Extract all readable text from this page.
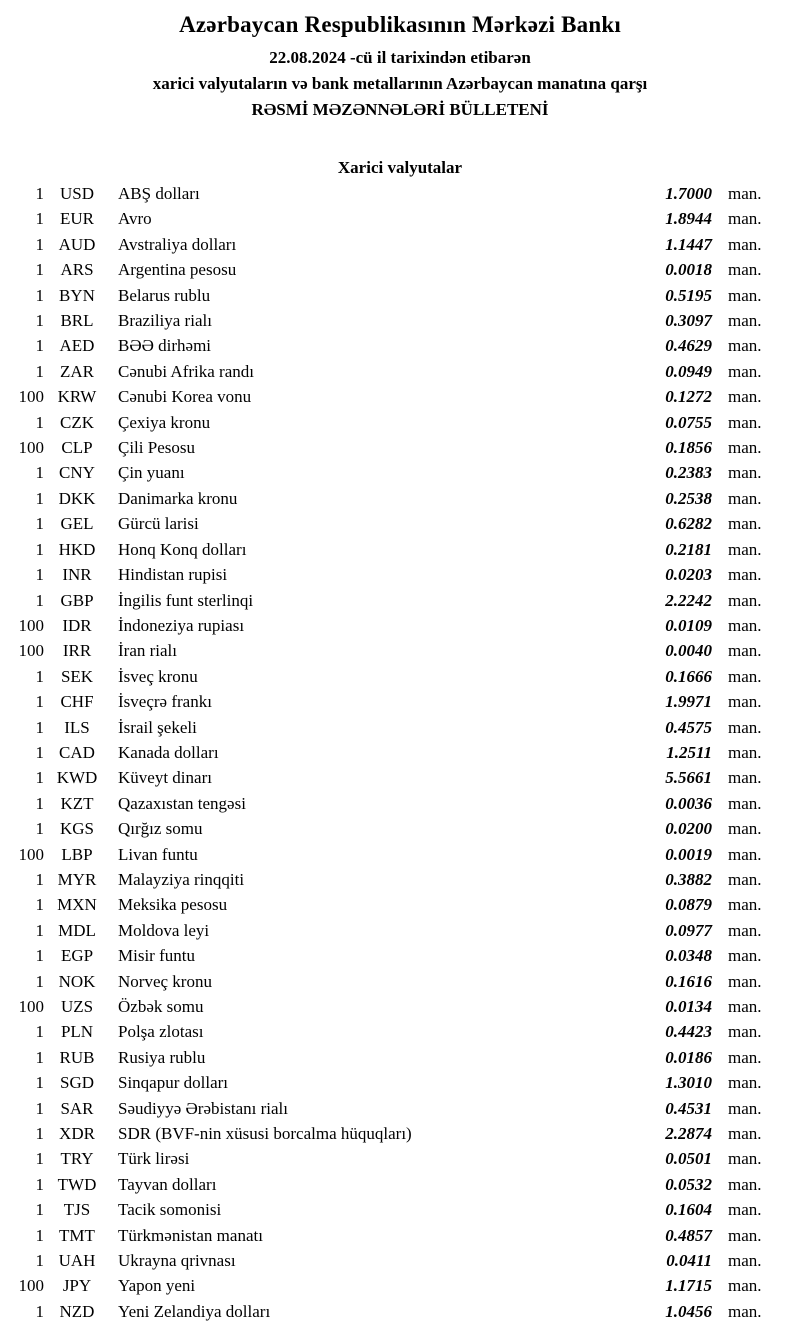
Azərbaycan Respublikasının Mərkəzi Bankı
22.08.2024 -cü il tarixindən etibarən
xarici valyutaların və bank metallarının Azərbaycan manatına qarşı
RƏSMİ MƏZƏNNƏLƏRİ BÜLLETENİ
Xarici valyutalar
1 USD	ABŞ dolları	1.7000 man.
1 EUR	Avro	1.8944 man.
1 AUD	Avstraliya dolları	1.1447 man.
1 ARS	Argentina pesosu	0.0018 man.
1 BYN	Belarus rublu	0.5195 man.
1 BRL	Braziliya rialı	0.3097 man.
1 AED	BƏƏ dirhəmi	0.4629 man.
1 ZAR	Cənubi Afrika randı	0.0949 man.
100 KRW	Cənubi Korea vonu	0.1272 man.
1 CZK	Çexiya kronu	0.0755 man.
100	CLP	Çili Pesosu	0.1856 man.
1 CNY	Çin yuanı	0.2383 man.
1 DKK	Danimarka kronu	0.2538 man.
1 GEL	Gürcü larisi	0.6282 man.
1 HKD	Honq Konq dolları	0.2181 man.
1	INR	Hindistan rupisi	0.0203 man.
1 GBP	İngilis funt sterlinqi	2.2242 man.
100	IDR	İndoneziya rupiası	0.0109 man.
100	IRR	İran rialı	0.0040 man.
1 SEK	İsveç kronu	0.1666 man.
1 CHF	İsveçrə frankı	1.9971 man.
1	ILS	İsrail şekeli	0.4575 man.
1 CAD	Kanada dolları	1.2511 man.
1 KWD	Küveyt dinarı	5.5661 man.
1 KZT	Qazaxıstan tengəsi	0.0036 man.
1 KGS	Qırğız somu	0.0200 man.
100	LBP	Livan funtu	0.0019 man.
1 MYR	Malayziya rinqqiti	0.3882 man.
1 MXN	Meksika pesosu	0.0879 man.
1 MDL	Moldova leyi	0.0977 man.
1 EGP	Misir funtu	0.0348 man.
1 NOK	Norveç kronu	0.1616 man.
100 UZS	Özbək somu	0.0134 man.
1 PLN	Polşa zlotası	0.4423 man.
1 RUB	Rusiya rublu	0.0186 man.
1 SGD	Sinqapur dolları	1.3010 man.
1 SAR	Səudiyyə Ərəbistanı rialı	0.4531 man.
1 XDR	SDR (BVF-nin xüsusi borcalma hüquqları)	2.2874 man.
1 TRY	Türk lirəsi	0.0501 man.
1 TWD	Tayvan dolları	0.0532 man.
1	TJS	Tacik somonisi	0.1604 man.
1 TMT	Türkmənistan manatı	0.4857 man.
1 UAH	Ukrayna qrivnası	0.0411 man.
100	JPY	Yapon yeni	1.1715 man.
1 NZD	Yeni Zelandiya dolları	1.0456 man.
